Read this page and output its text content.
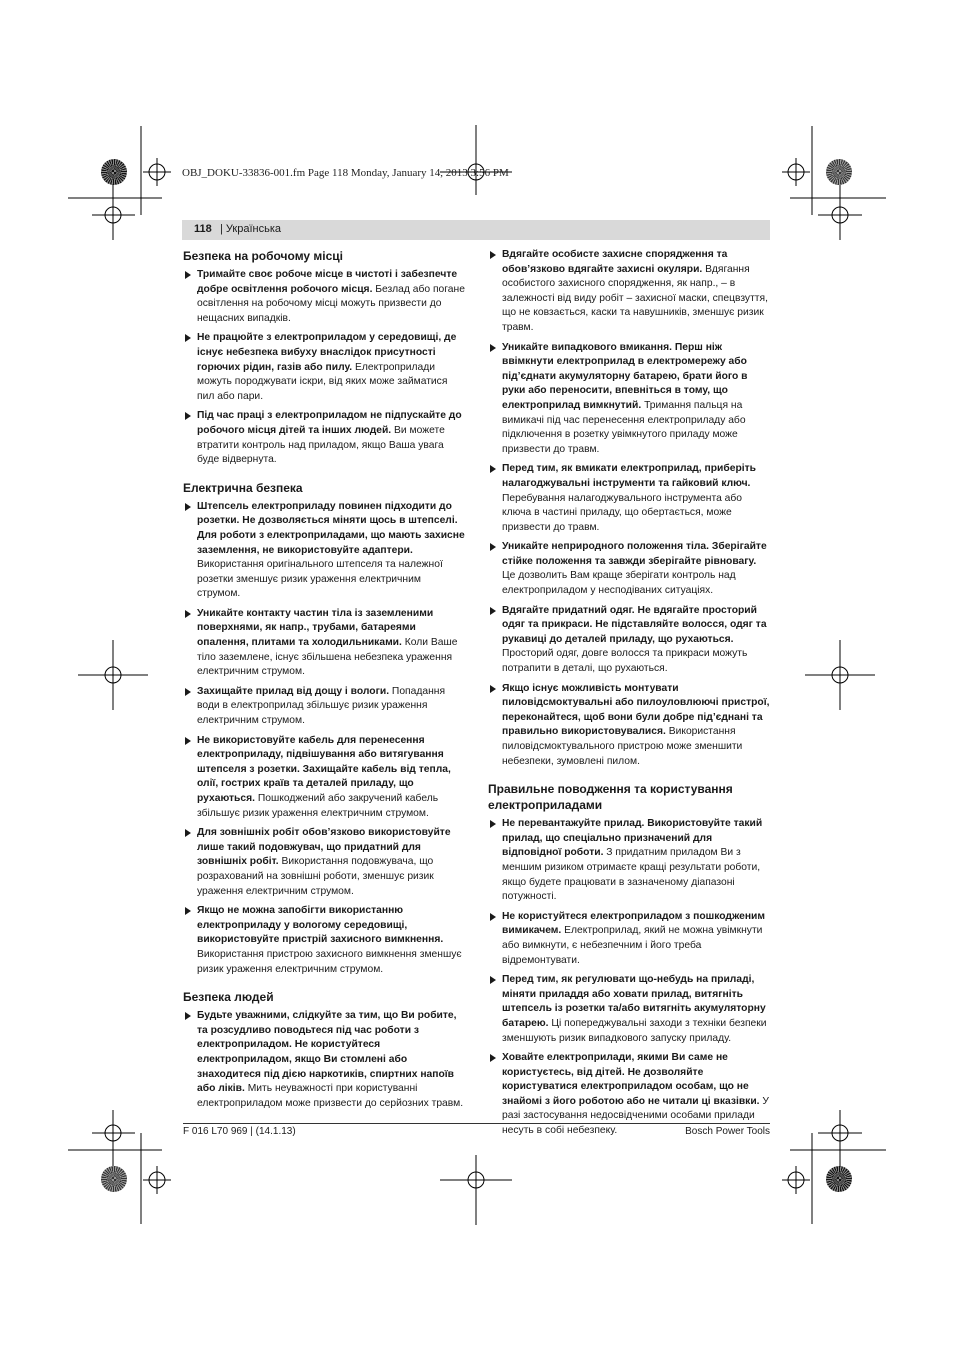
OBJ_DOKU-33836-001.fm Page 118 Monday, January 14, 2013 3:56 PM
118 | Українська
Безпека на робочому місці
Тримайте своє робоче місце в чистоті і забезпечте добре освітлення робочого місця. Безлад або погане освітлення на робочому місці можуть призвести до нещасних випадків.
Не працюйте з електроприладом у середовищі, де існує небезпека вибуху внаслідок присутності горючих рідин, газів або пилу. Електроприлади можуть породжувати іскри, від яких може займатися пил або пари.
Під час праці з електроприладом не підпускайте до робочого місця дітей та інших людей. Ви можете втратити контроль над приладом, якщо Ваша увага буде відвернута.
Електрична безпека
Штепсель електроприладу повинен підходити до розетки. Не дозволяється міняти щось в штепселі. Для роботи з електроприладами, що мають захисне заземлення, не використовуйте адаптери. Використання оригінального штепселя та належної розетки зменшує ризик ураження електричним струмом.
Уникайте контакту частин тіла із заземленими поверхнями, як напр., трубами, батареями опалення, плитами та холодильниками. Коли Ваше тіло заземлене, існує збільшена небезпека ураження електричним струмом.
Захищайте прилад від дощу і вологи. Попадання води в електроприлад збільшує ризик ураження електричним струмом.
Не використовуйте кабель для перенесення електроприладу, підвішування або витягування штепселя з розетки. Захищайте кабель від тепла, олії, гострих країв та деталей приладу, що рухаються. Пошкоджений або закручений кабель збільшує ризик ураження електричним струмом.
Для зовнішніх робіт обов’язково використовуйте лише такий подовжувач, що придатний для зовнішніх робіт. Використання подовжувача, що розрахований на зовнішні роботи, зменшує ризик ураження електричним струмом.
Якщо не можна запобігти використанню електроприладу у вологому середовищі, використовуйте пристрій захисного вимкнення. Використання пристрою захисного вимкнення зменшує ризик ураження електричним струмом.
Безпека людей
Будьте уважними, слідкуйте за тим, що Ви робите, та розсудливо поводьтеся під час роботи з електроприладом. Не користуйтеся електроприладом, якщо Ви стомлені або знаходитеся під дією наркотиків, спиртних напоїв або ліків. Мить неуважності при користуванні електроприладом може призвести до серйозних травм.
Вдягайте особисте захисне спорядження та обов’язково вдягайте захисні окуляри. Вдягання особистого захисного спорядження, як напр., – в залежності від виду робіт – захисної маски, спецвзуття, що не ковзається, каски та навушників, зменшує ризик травм.
Уникайте випадкового вмикання. Перш ніж ввімкнути електроприлад в електромережу або під’єднати акумуляторну батарею, брати його в руки або переносити, впевніться в тому, що електроприлад вимкнутий. Тримання пальця на вимикачі під час перенесення електроприладу або підключення в розетку увімкнутого приладу може призвести до травм.
Перед тим, як вмикати електроприлад, приберіть налагоджувальні інструменти та гайковий ключ. Перебування налагоджувального інструмента або ключа в частині приладу, що обертається, може призвести до травм.
Уникайте неприродного положення тіла. Зберігайте стійке положення та завжди зберігайте рівновагу. Це дозволить Вам краще зберігати контроль над електроприладом у несподіваних ситуаціях.
Вдягайте придатний одяг. Не вдягайте просторий одяг та прикраси. Не підставляйте волосся, одяг та рукавиці до деталей приладу, що рухаються. Просторий одяг, довге волосся та прикраси можуть потрапити в деталі, що рухаються.
Якщо існує можливість монтувати пиловідсмоктувальні або пилоуловлюючі пристрої, переконайтеся, щоб вони були добре під’єднані та правильно використовувалися. Використання пиловідсмоктувального пристрою може зменшити небезпеки, зумовлені пилом.
Правильне поводження та користування електроприладами
Не перевантажуйте прилад. Використовуйте такий прилад, що спеціально призначений для відповідної роботи. З придатним приладом Ви з меншим ризиком отримаєте кращі результати роботи, якщо будете працювати в зазначеному діапазоні потужності.
Не користуйтеся електроприладом з пошкодженим вимикачем. Електроприлад, який не можна увімкнути або вимкнути, є небезпечним і його треба відремонтувати.
Перед тим, як регулювати що-небудь на приладі, міняти приладдя або ховати прилад, витягніть штепсель із розетки та/або витягніть акумуляторну батарею. Ці попереджувальні заходи з техніки безпеки зменшують ризик випадкового запуску приладу.
Ховайте електроприлади, якими Ви саме не користуєтесь, від дітей. Не дозволяйте користуватися електроприладом особам, що не знайомі з його роботою або не читали ці вказівки. У разі застосування недосвідченими особами прилади несуть в собі небезпеку.
F 016 L70 969 | (14.1.13)	Bosch Power Tools
